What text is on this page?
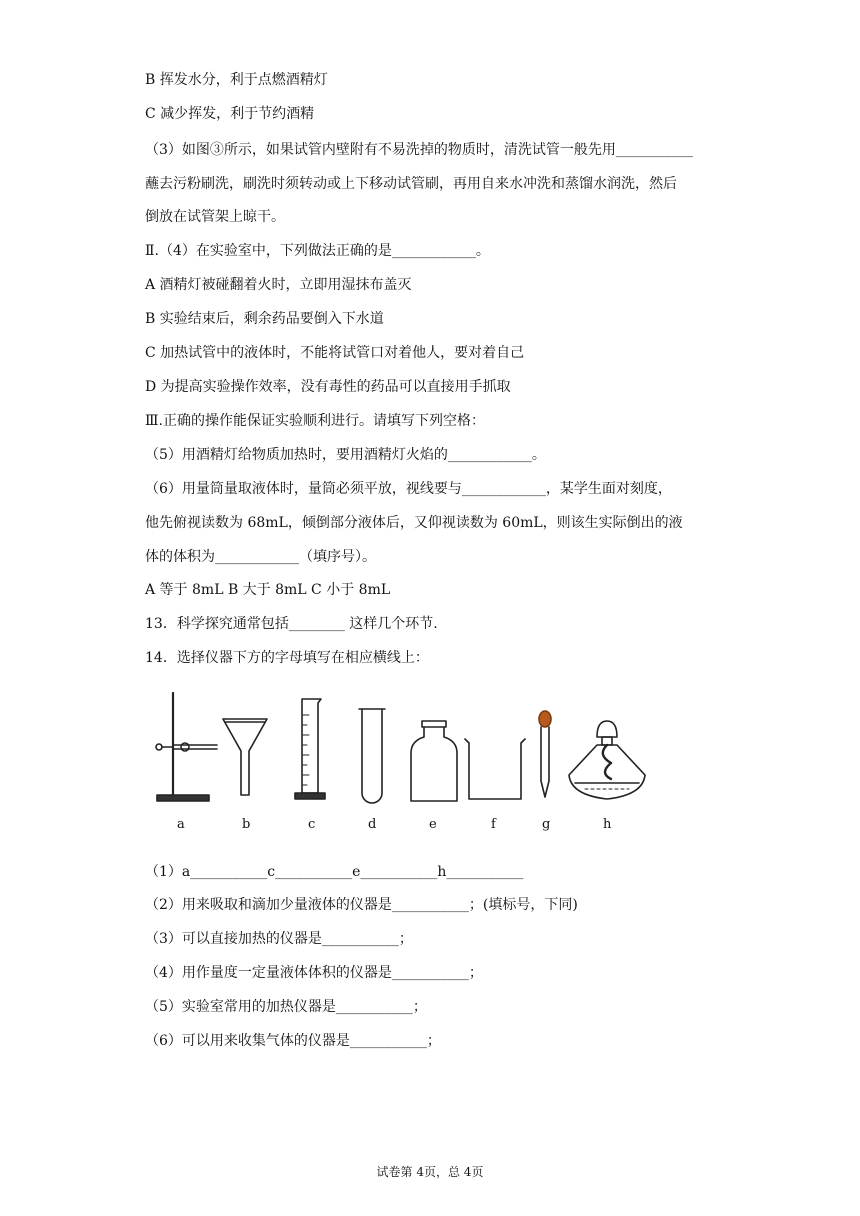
B 挥发水分，利于点燃酒精灯
C 减少挥发，利于节约酒精
（3）如图③所示，如果试管内壁附有不易洗掉的物质时，清洗试管一般先用___________
蘸去污粉刷洗，刷洗时须转动或上下移动试管刷，再用自来水冲洗和蒸馏水润洗，然后
倒放在试管架上晾干。
Ⅱ.（4）在实验室中，下列做法正确的是____________。
A 酒精灯被碰翻着火时，立即用湿抹布盖灭
B 实验结束后，剩余药品要倒入下水道
C 加热试管中的液体时，不能将试管口对着他人，要对着自己
D 为提高实验操作效率，没有毒性的药品可以直接用手抓取
Ⅲ.正确的操作能保证实验顺利进行。请填写下列空格：
（5）用酒精灯给物质加热时，要用酒精灯火焰的____________。
（6）用量筒量取液体时，量筒必须平放，视线要与____________，某学生面对刻度，
他先俯视读数为 68mL，倾倒部分液体后，又仰视读数为 60mL，则该生实际倒出的液
体的体积为____________（填序号）。
A 等于 8mL B 大于 8mL C 小于 8mL
13．科学探究通常包括________ 这样几个环节.
14．选择仪器下方的字母填写在相应横线上：
a	b	c	d	e	f	g	h
（1）a___________c___________e___________h___________
（2）用来吸取和滴加少量液体的仪器是___________；(填标号，下同)
（3）可以直接加热的仪器是___________；
（4）用作量度一定量液体体积的仪器是___________；
（5）实验室常用的加热仪器是___________；
（6）可以用来收集气体的仪器是___________；
试卷第 4页，总 4页
